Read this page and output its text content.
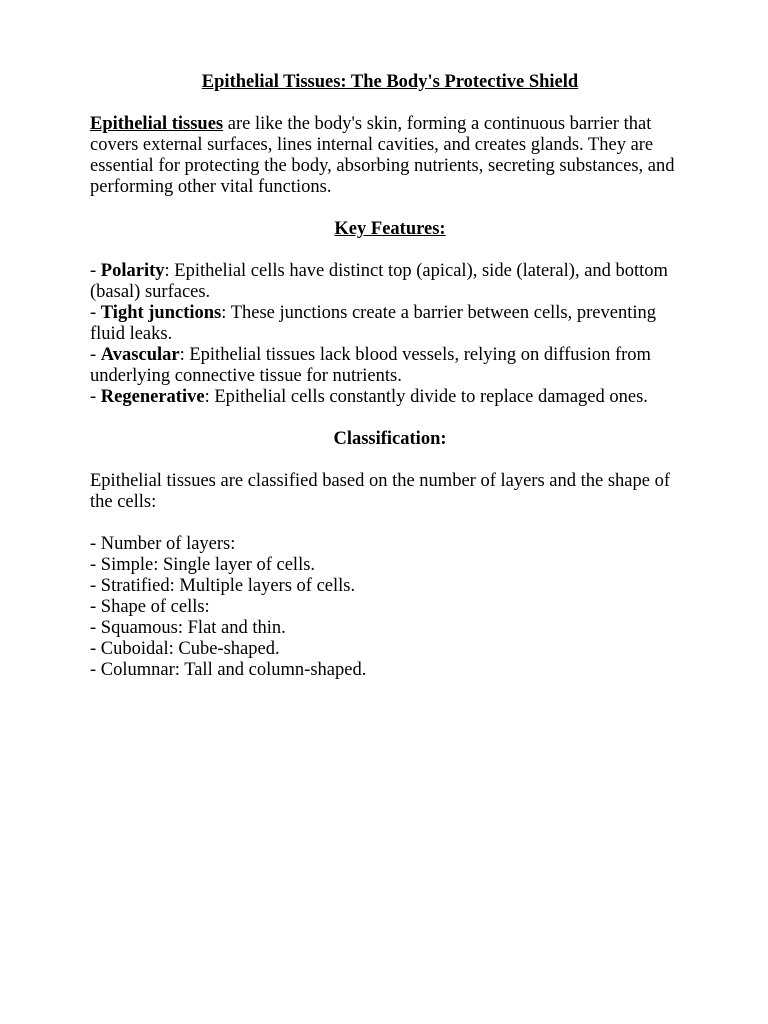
Epithelial Tissues: The Body's Protective Shield

Epithelial tissues are like the body's skin, forming a continuous barrier that covers external surfaces, lines internal cavities, and creates glands. They are essential for protecting the body, absorbing nutrients, secreting substances, and performing other vital functions.

Key Features:

- Polarity: Epithelial cells have distinct top (apical), side (lateral), and bottom (basal) surfaces.
- Tight junctions: These junctions create a barrier between cells, preventing fluid leaks.
- Avascular: Epithelial tissues lack blood vessels, relying on diffusion from underlying connective tissue for nutrients.
- Regenerative: Epithelial cells constantly divide to replace damaged ones.

Classification:

Epithelial tissues are classified based on the number of layers and the shape of the cells:

- Number of layers:
- Simple: Single layer of cells.
- Stratified: Multiple layers of cells.
- Shape of cells:
- Squamous: Flat and thin.
- Cuboidal: Cube-shaped.
- Columnar: Tall and column-shaped.
